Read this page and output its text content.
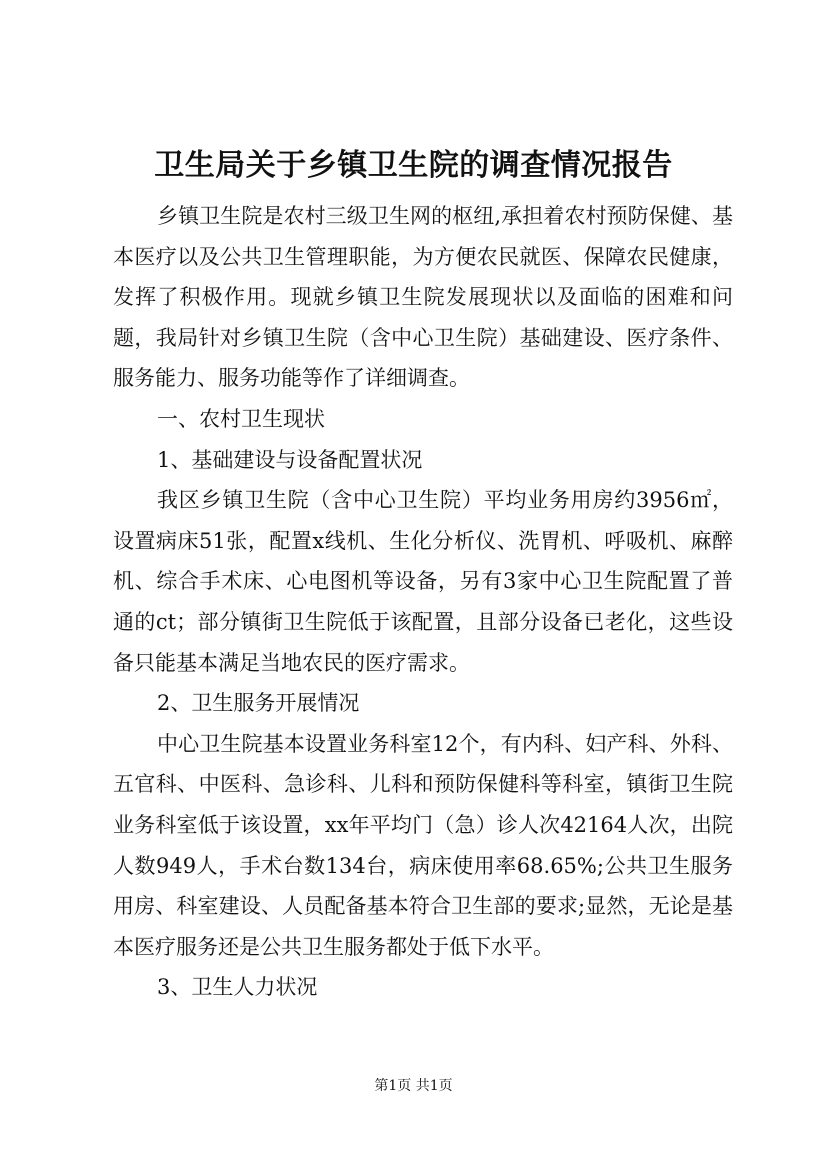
卫生局关于乡镇卫生院的调查情况报告

乡镇卫生院是农村三级卫生网的枢纽,承担着农村预防保健、基本医疗以及公共卫生管理职能，为方便农民就医、保障农民健康，发挥了积极作用。现就乡镇卫生院发展现状以及面临的困难和问题，我局针对乡镇卫生院（含中心卫生院）基础建设、医疗条件、服务能力、服务功能等作了详细调查。

一、农村卫生现状

1、基础建设与设备配置状况

我区乡镇卫生院（含中心卫生院）平均业务用房约3956㎡，设置病床51张，配置x线机、生化分析仪、洗胃机、呼吸机、麻醉机、综合手术床、心电图机等设备，另有3家中心卫生院配置了普通的ct；部分镇街卫生院低于该配置，且部分设备已老化，这些设备只能基本满足当地农民的医疗需求。

2、卫生服务开展情况

中心卫生院基本设置业务科室12个，有内科、妇产科、外科、五官科、中医科、急诊科、儿科和预防保健科等科室，镇街卫生院业务科室低于该设置，xx年平均门（急）诊人次42164人次，出院人数949人，手术台数134台，病床使用率68.65%;公共卫生服务用房、科室建设、人员配备基本符合卫生部的要求;显然，无论是基本医疗服务还是公共卫生服务都处于低下水平。

3、卫生人力状况

第1页 共1页
